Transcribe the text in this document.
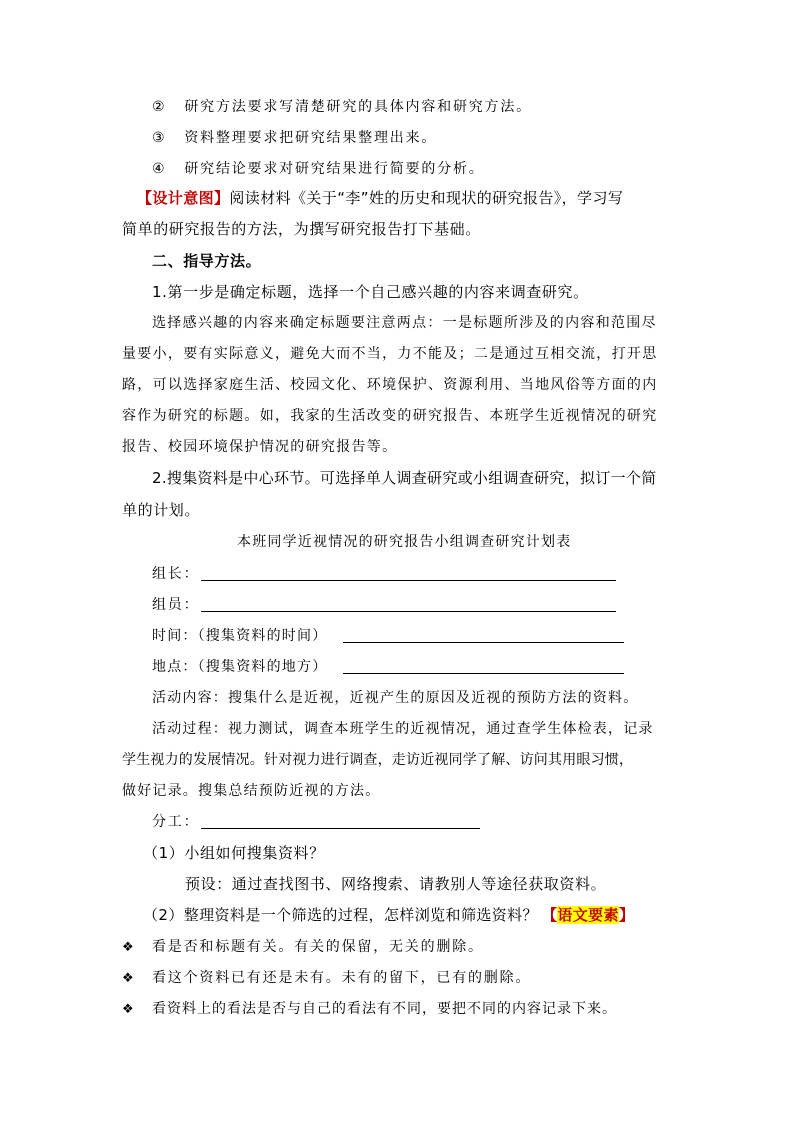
② 研究方法要求写清楚研究的具体内容和研究方法。
③ 资料整理要求把研究结果整理出来。
④ 研究结论要求对研究结果进行简要的分析。
【设计意图】阅读材料《关于“李”姓的历史和现状的研究报告》，学习写
简单的研究报告的方法，为撰写研究报告打下基础。
二、指导方法。
1.第一步是确定标题，选择一个自己感兴趣的内容来调查研究。
选择感兴趣的内容来确定标题要注意两点：一是标题所涉及的内容和范围尽
量要小，要有实际意义，避免大而不当，力不能及；二是通过互相交流，打开思
路，可以选择家庭生活、校园文化、环境保护、资源利用、当地风俗等方面的内
容作为研究的标题。如，我家的生活改变的研究报告、本班学生近视情况的研究
报告、校园环境保护情况的研究报告等。
2.搜集资料是中心环节。可选择单人调查研究或小组调查研究，拟订一个简
单的计划。
本班同学近视情况的研究报告小组调查研究计划表
组长：
组员：
时间：（搜集资料的时间）
地点：（搜集资料的地方）
活动内容：搜集什么是近视，近视产生的原因及近视的预防方法的资料。
活动过程：视力测试，调查本班学生的近视情况，通过查学生体检表，记录
学生视力的发展情况。针对视力进行调查，走访近视同学了解、访问其用眼习惯，
做好记录。搜集总结预防近视的方法。
分工：
（1）小组如何搜集资料？
预设：通过查找图书、网络搜索、请教别人等途径获取资料。
（2）整理资料是一个筛选的过程，怎样浏览和筛选资料？ 【语文要素】
❖ 看是否和标题有关。有关的保留，无关的删除。
❖ 看这个资料已有还是未有。未有的留下，已有的删除。
❖ 看资料上的看法是否与自己的看法有不同，要把不同的内容记录下来。
